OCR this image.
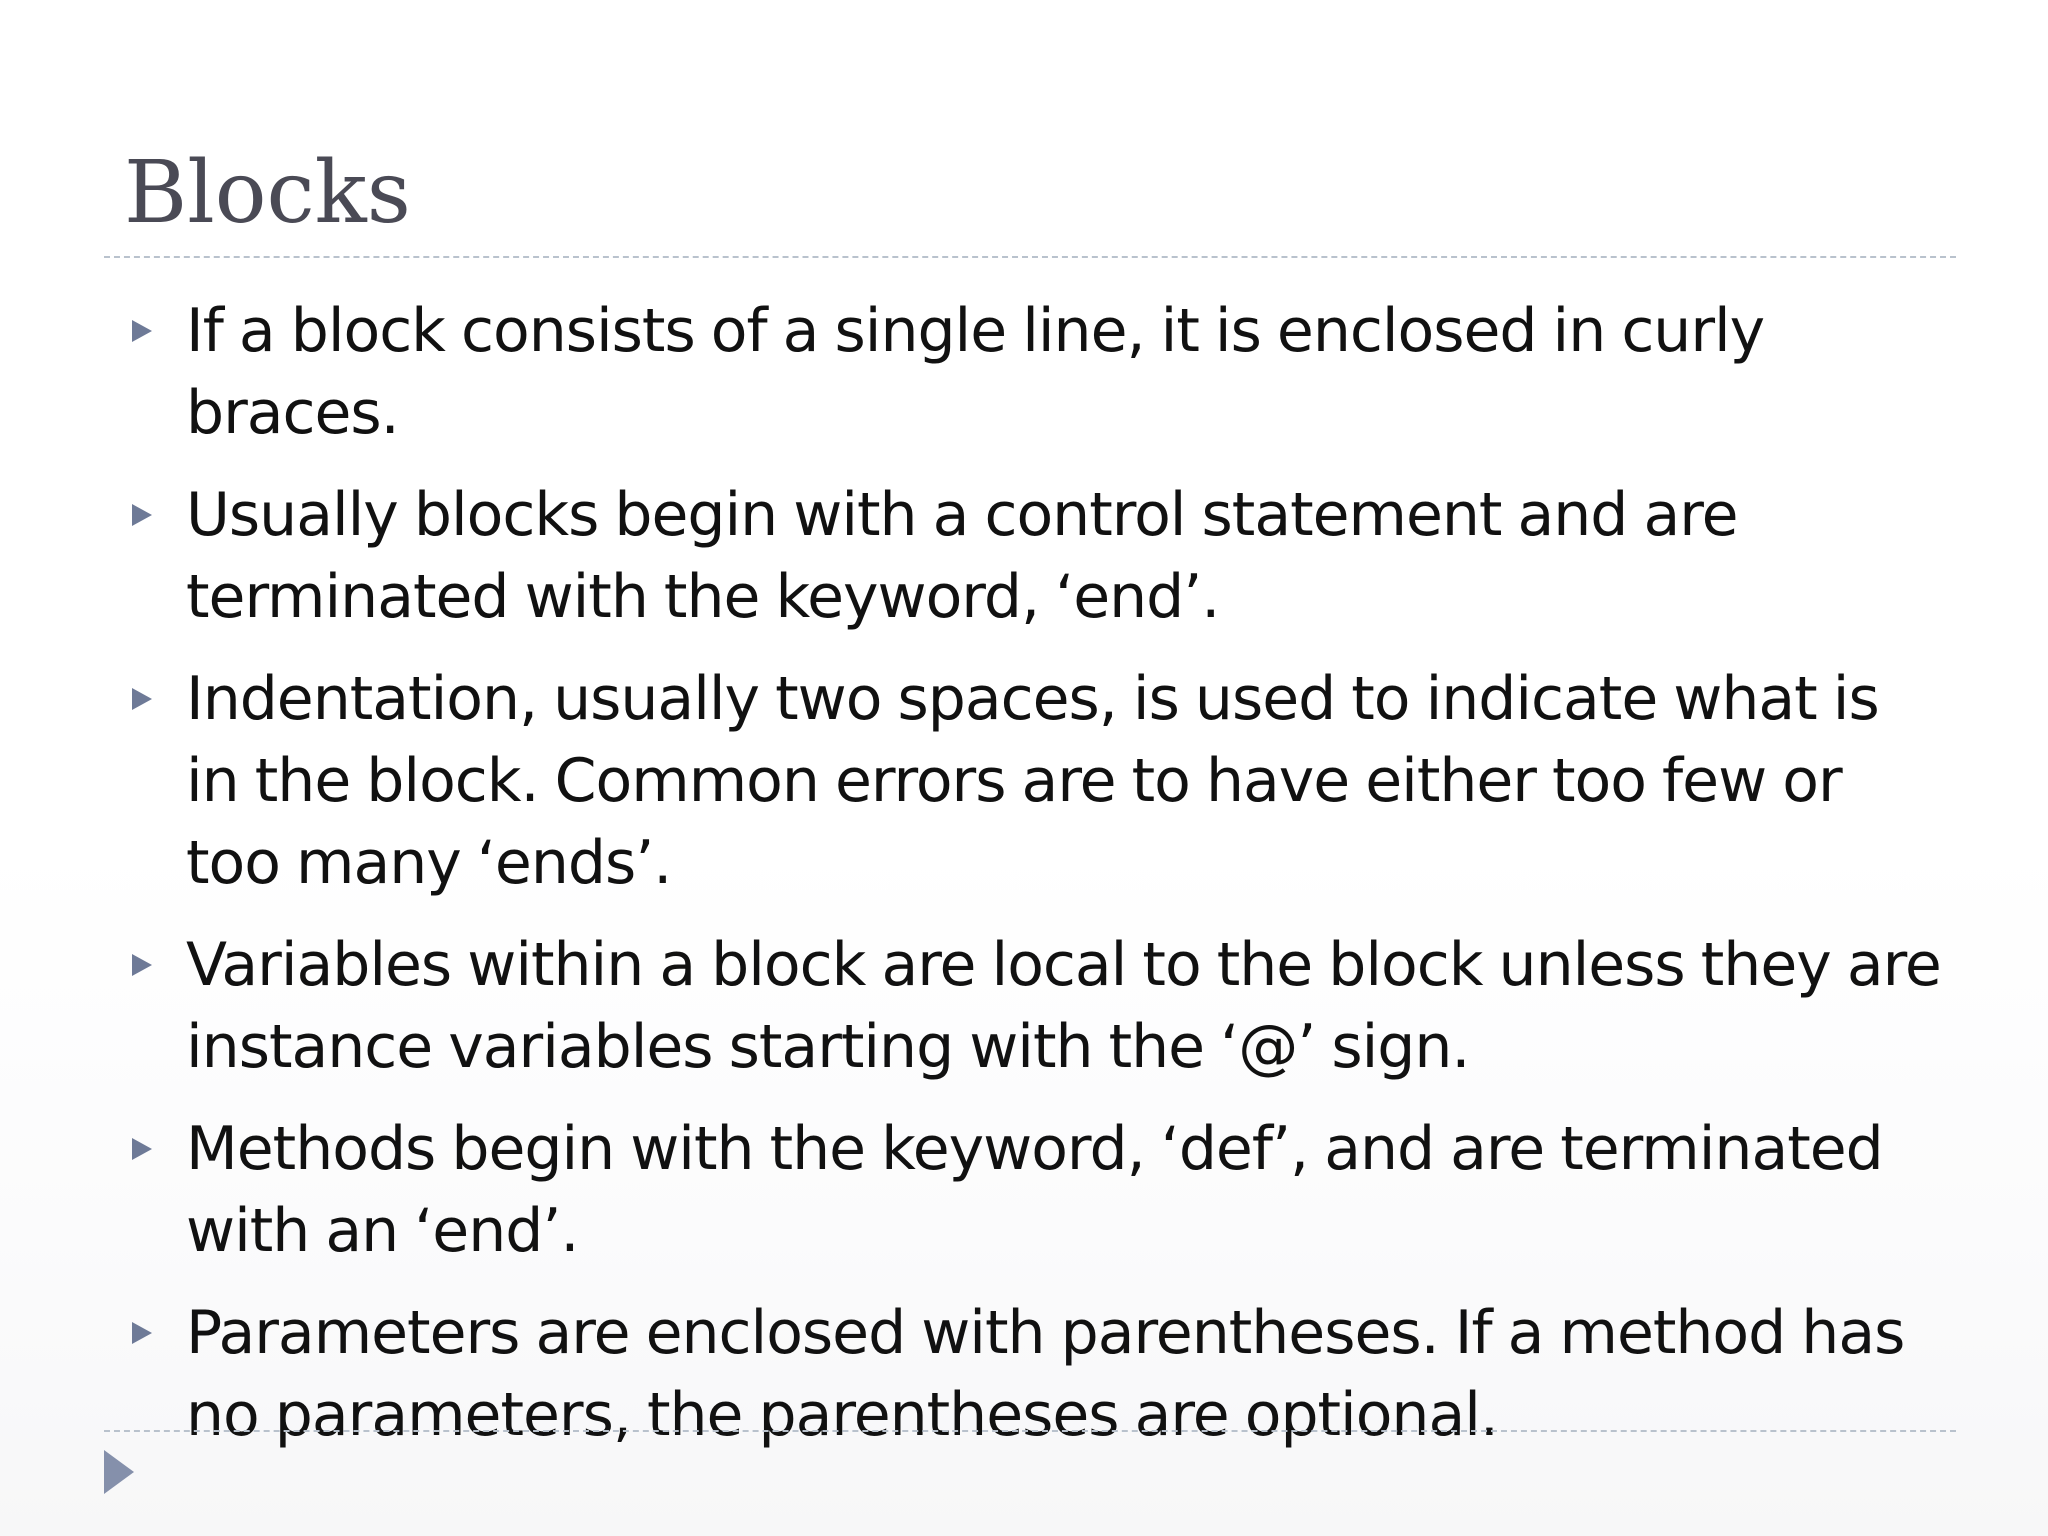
Blocks
If a block consists of a single line, it is enclosed in curly braces.
Usually blocks begin with a control statement and are terminated with the keyword, ‘end’.
Indentation, usually two spaces, is used to indicate what is in the block. Common errors are to have either too few or too many ‘ends’.
Variables within a block are local to the block unless they are instance variables starting with the ‘@’ sign.
Methods begin with the keyword, ‘def’, and are terminated with an ‘end’.
Parameters are enclosed with parentheses. If a method has no parameters, the parentheses are optional.
